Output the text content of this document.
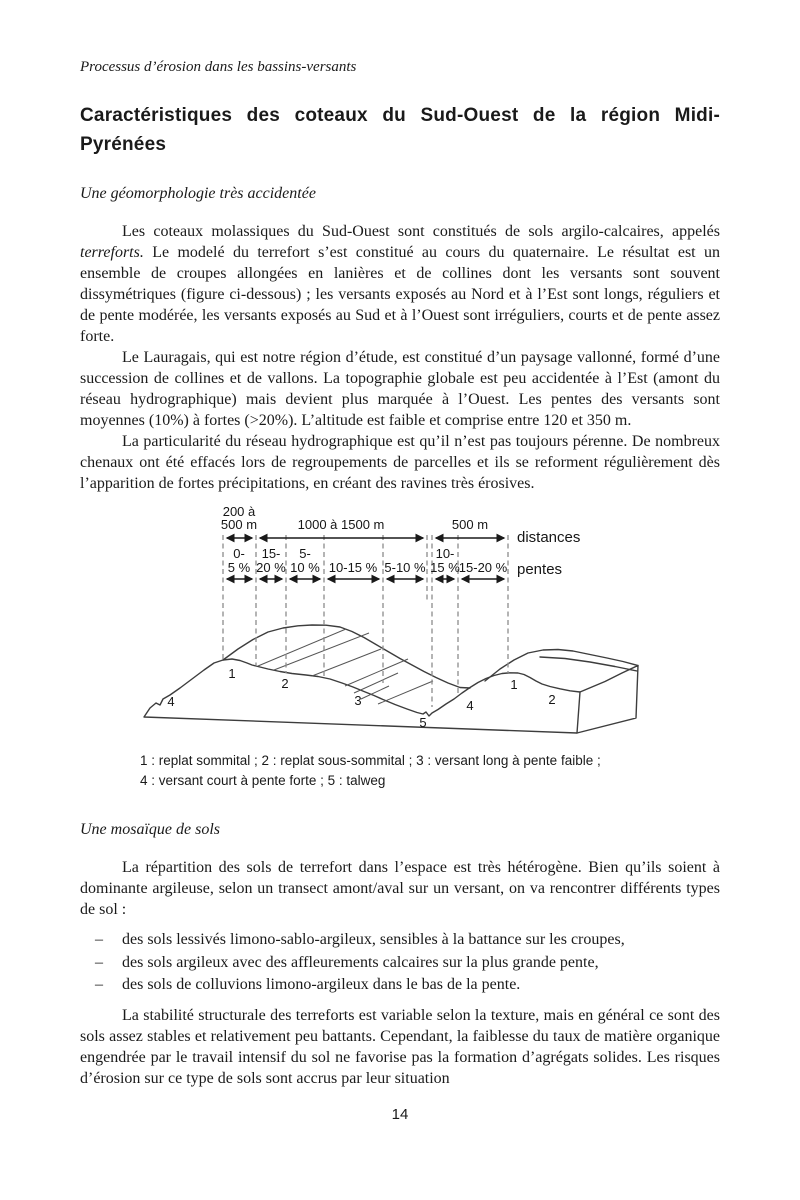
Processus d’érosion dans les bassins-versants
Caractéristiques des coteaux du Sud-Ouest de la région Midi-
Pyrénées
Une géomorphologie très accidentée

Les coteaux molassiques du Sud-Ouest sont constitués de sols argilo-calcaires, appelés terreforts. Le modelé du terrefort s’est constitué au cours du quaternaire. Le résultat est un ensemble de croupes allongées en lanières et de collines dont les versants sont souvent dissymétriques (figure ci-dessous) ; les versants exposés au Nord et à l’Est sont longs, réguliers et de pente modérée, les versants exposés au Sud et à l’Ouest sont irréguliers, courts et de pente assez forte.

Le Lauragais, qui est notre région d’étude, est constitué d’un paysage vallonné, formé d’une succession de collines et de vallons. La topographie globale est peu accidentée à l’Est (amont du réseau hydrographique) mais devient plus marquée à l’Ouest. Les pentes des versants sont moyennes (10%) à fortes (>20%). L’altitude est faible et comprise entre 120 et 350 m.

La particularité du réseau hydrographique est qu’il n’est pas toujours pérenne. De nombreux chenaux ont été effacés lors de regroupements de parcelles et ils se reforment régulièrement dès l’apparition de fortes précipitations, en créant des ravines très érosives.

200 à
500 m	1000 à 1500 m	500 m
distances
0-
5 %
15-
20 %
5-
10 % 10-15 % 5-10 %
10-
15 %
15-20 % pentes
4
1
2
3
5
4
1
2
1 : replat sommital ; 2 : replat sous-sommital ; 3 : versant long à pente faible ;
4 : versant court à pente forte ; 5 : talweg
Une mosaïque de sols

La répartition des sols de terrefort dans l’espace est très hétérogène. Bien qu’ils soient à dominante argileuse, selon un transect amont/aval sur un versant, on va rencontrer différents types de sol :

–	des sols lessivés limono-sablo-argileux, sensibles à la battance sur les croupes,
–	des sols argileux avec des affleurements calcaires sur la plus grande pente,
–	des sols de colluvions limono-argileux dans le bas de la pente.

La stabilité structurale des terreforts est variable selon la texture, mais en général ce sont des sols assez stables et relativement peu battants. Cependant, la faiblesse du taux de matière organique engendrée par le travail intensif du sol ne favorise pas la formation d’agrégats solides. Les risques d’érosion sur ce type de sols sont accrus par leur situation

14
